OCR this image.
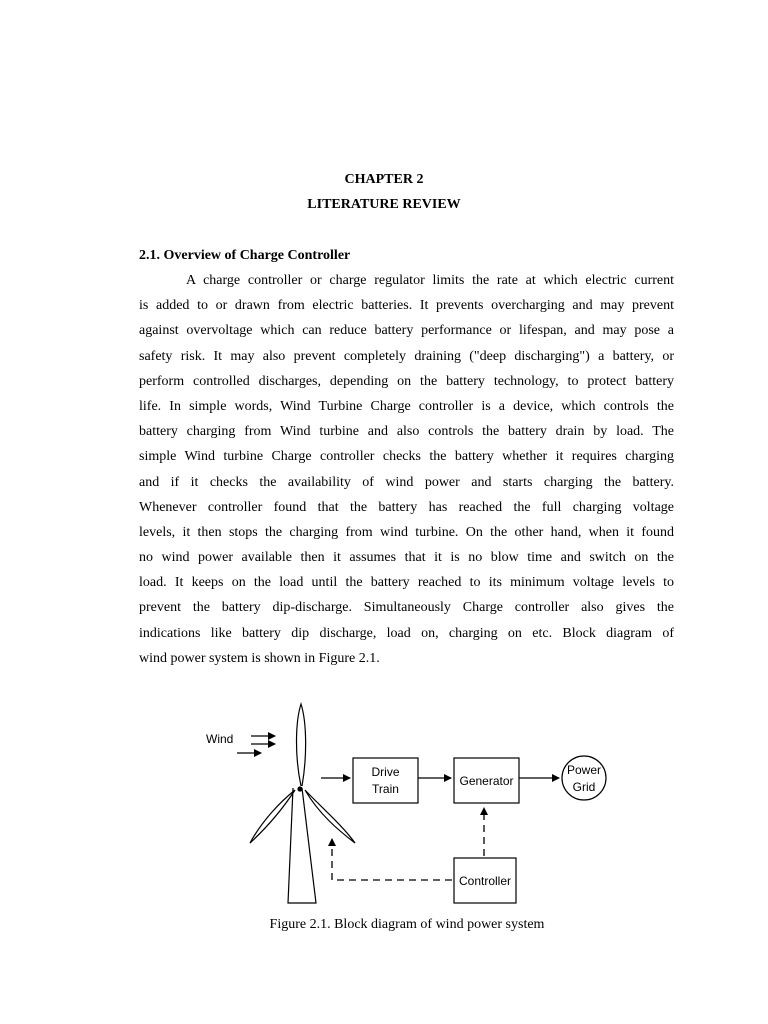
CHAPTER 2
LITERATURE REVIEW
2.1. Overview of Charge Controller
A charge controller or charge regulator limits the rate at which electric current
is added to or drawn from electric batteries. It prevents overcharging and may prevent
against overvoltage which can reduce battery performance or lifespan, and may pose a
safety risk. It may also prevent completely draining ("deep discharging") a battery, or
perform controlled discharges, depending on the battery technology, to protect battery
life. In simple words, Wind Turbine Charge controller is a device, which controls the
battery charging from Wind turbine and also controls the battery drain by load. The
simple Wind turbine Charge controller checks the battery whether it requires charging
and if it checks the availability of wind power and starts charging the battery.
Whenever controller found that the battery has reached the full charging voltage
levels, it then stops the charging from wind turbine. On the other hand, when it found
no wind power available then it assumes that it is no blow time and switch on the
load. It keeps on the load until the battery reached to its minimum voltage levels to
prevent the battery dip-discharge. Simultaneously Charge controller also gives the
indications like battery dip discharge, load on, charging on etc. Block diagram of
wind power system is shown in Figure 2.1.
Wind
Drive
Train
Generator
Power
Grid
Controller
Figure 2.1. Block diagram of wind power system
